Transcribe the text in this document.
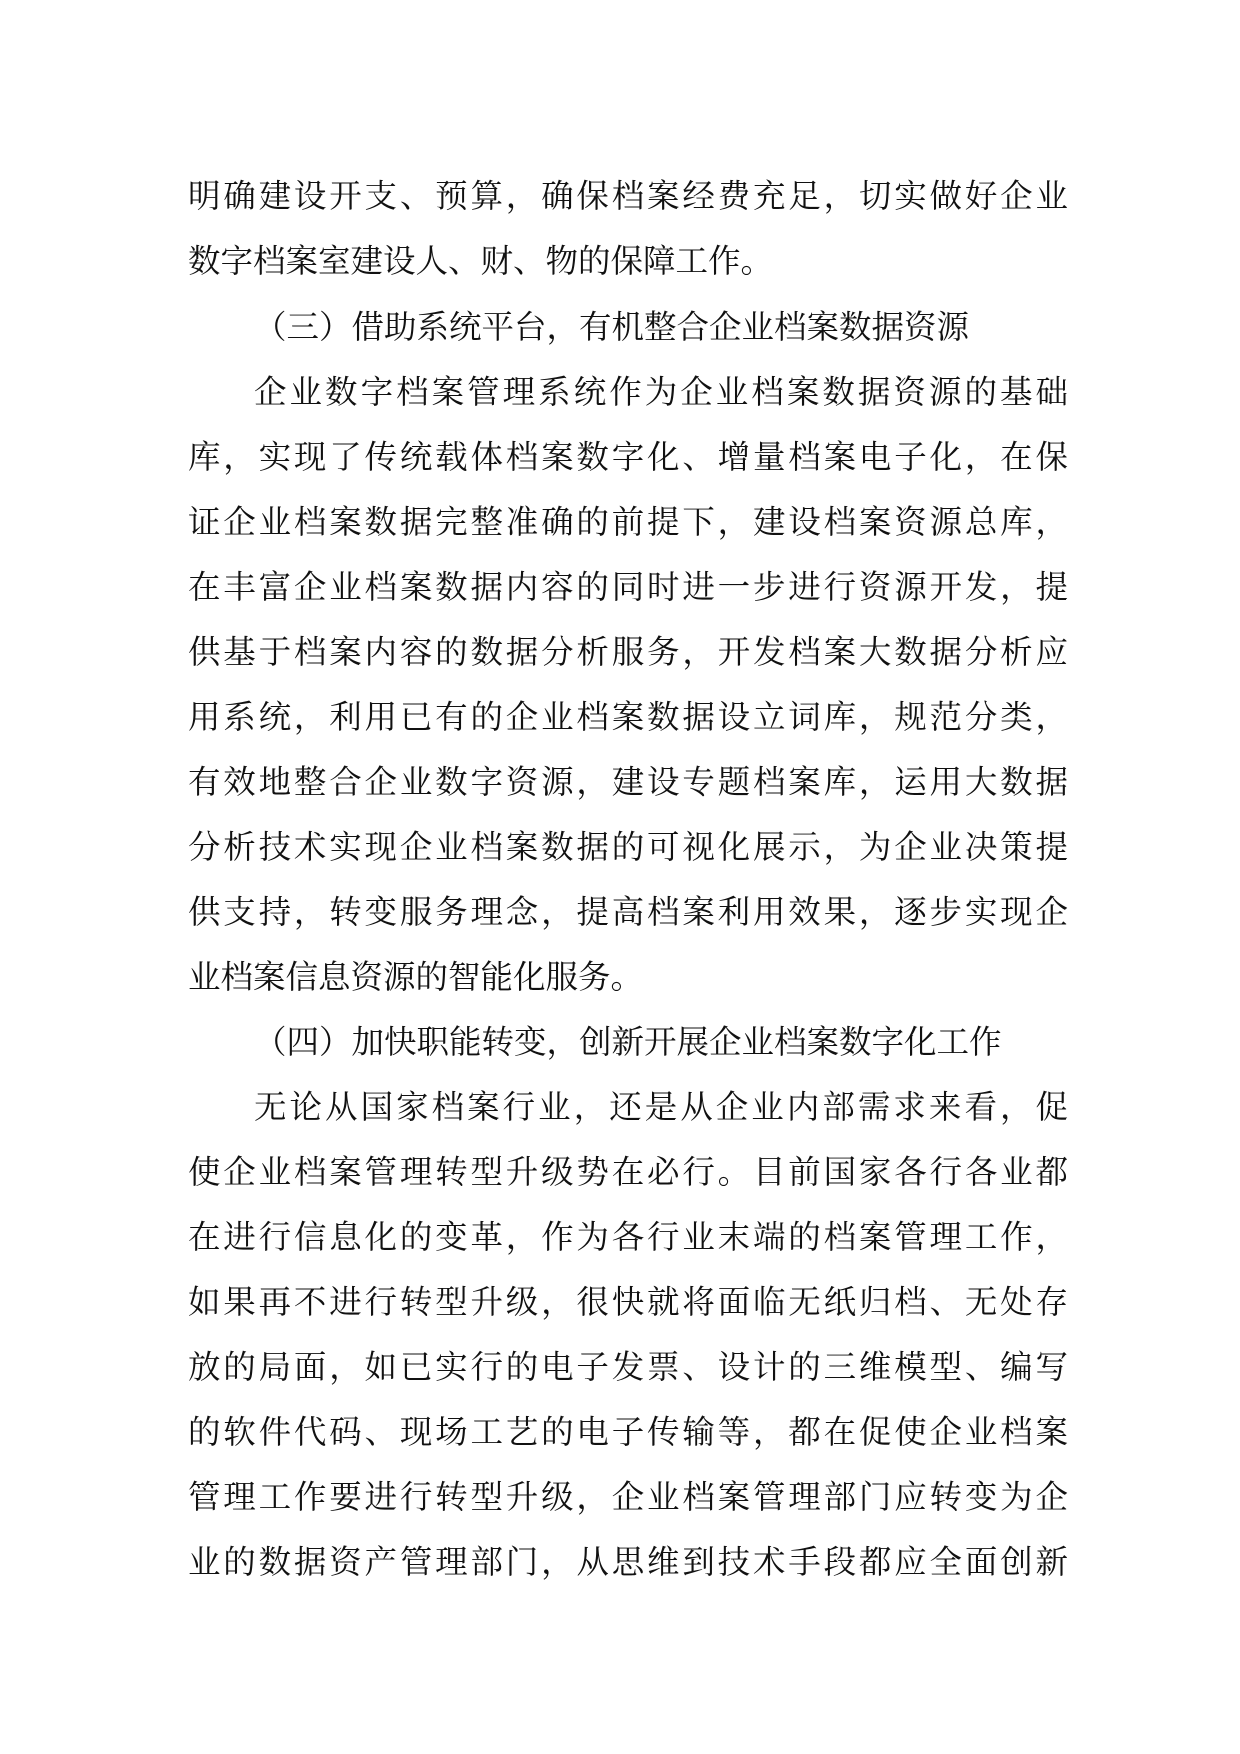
明确建设开支、预算，确保档案经费充足，切实做好企业
数字档案室建设人、财、物的保障工作。
（三）借助系统平台，有机整合企业档案数据资源
企业数字档案管理系统作为企业档案数据资源的基础
库，实现了传统载体档案数字化、增量档案电子化，在保
证企业档案数据完整准确的前提下，建设档案资源总库，
在丰富企业档案数据内容的同时进一步进行资源开发，提
供基于档案内容的数据分析服务，开发档案大数据分析应
用系统，利用已有的企业档案数据设立词库，规范分类，
有效地整合企业数字资源，建设专题档案库，运用大数据
分析技术实现企业档案数据的可视化展示，为企业决策提
供支持，转变服务理念，提高档案利用效果，逐步实现企
业档案信息资源的智能化服务。
（四）加快职能转变，创新开展企业档案数字化工作
无论从国家档案行业，还是从企业内部需求来看，促
使企业档案管理转型升级势在必行。目前国家各行各业都
在进行信息化的变革，作为各行业末端的档案管理工作，
如果再不进行转型升级，很快就将面临无纸归档、无处存
放的局面，如已实行的电子发票、设计的三维模型、编写
的软件代码、现场工艺的电子传输等，都在促使企业档案
管理工作要进行转型升级，企业档案管理部门应转变为企
业的数据资产管理部门，从思维到技术手段都应全面创新
